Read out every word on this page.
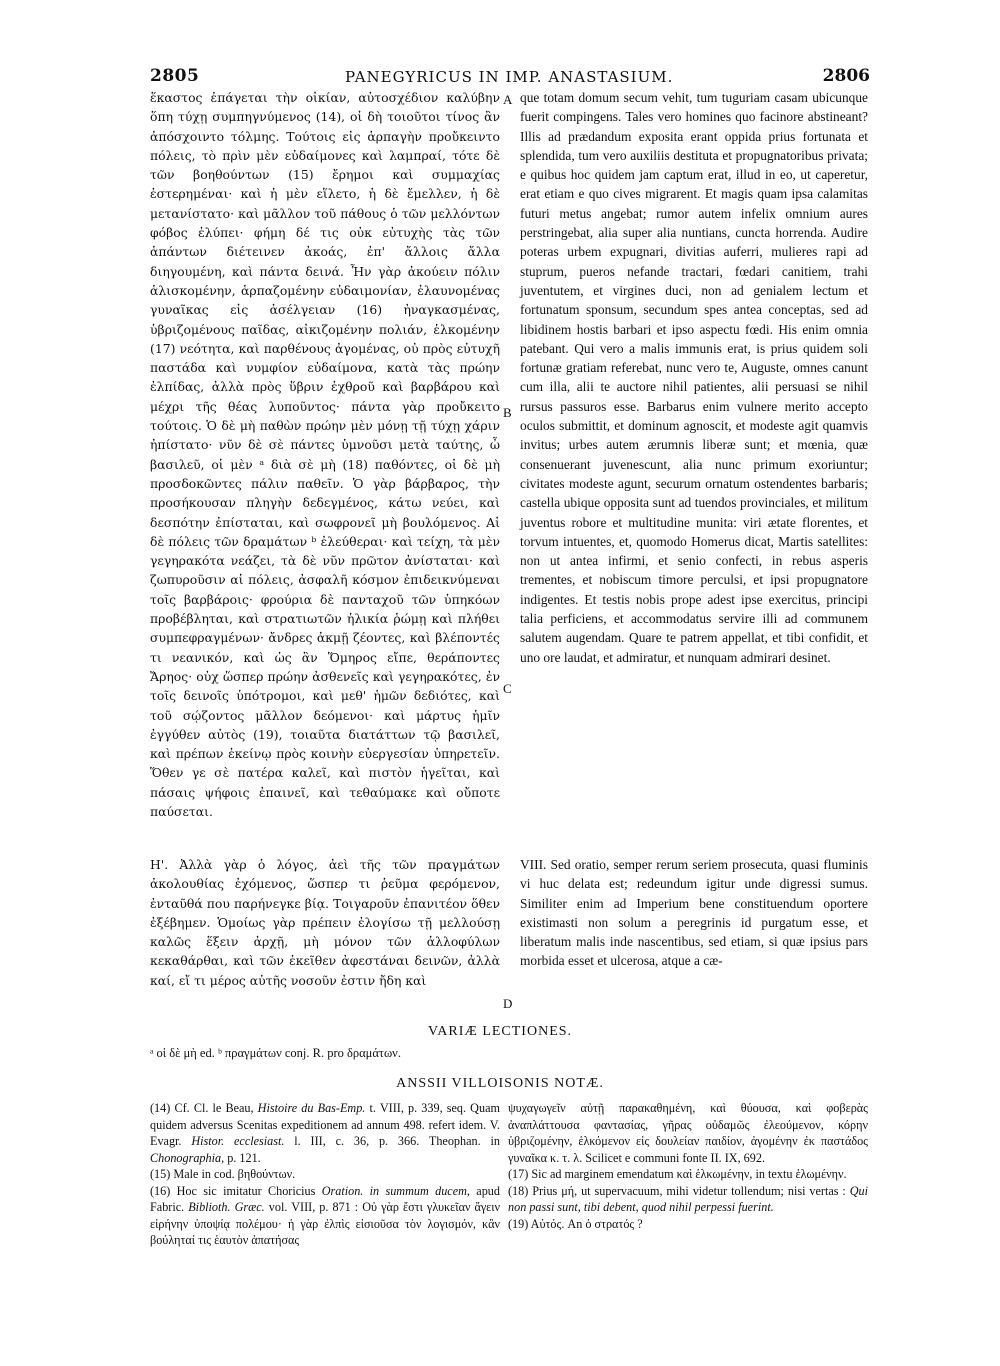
2805	PANEGYRICUS IN IMP. ANASTASIUM.	2806

ἕκαστος ἐπάγεται τὴν οἰκίαν, αὐτοσχέδιον καλύβην ὅπη τύχῃ συμπηγνύμενος (14), οἱ δὴ τοιοῦτοι τίνος ἂν ἀπόσχοιντο τόλμης. Τούτοις εἰς ἁρπαγὴν προὔκειντο πόλεις, τὸ πρὶν μὲν εὐδαίμονες καὶ λαμπραί, τότε δὲ τῶν βοηθούντων (15) ἔρημοι καὶ συμμαχίας ἐστερημέναι· καὶ ἡ μὲν εἵλετο, ἡ δὲ ἔμελλεν, ἡ δὲ μετανίστατο· καὶ μᾶλλον τοῦ πάθους ὁ τῶν μελλόντων φόβος ἐλύπει· φήμη δέ τις οὐκ εὐτυχὴς τὰς τῶν ἁπάντων διέτεινεν ἀκοάς, ἐπ' ἄλλοις ἄλλα διηγουμένη, καὶ πάντα δεινά. Ἦν γὰρ ἀκούειν πόλιν ἁλισκομένην, ἁρπαζομένην εὐδαιμονίαν, ἐλαυνομένας γυναῖκας εἰς ἀσέλγειαν (16) ἠναγκασμένας, ὑβριζομένους παῖδας, αἰκιζομένην πολιάν, ἑλκομένην (17) νεότητα, καὶ παρθένους ἀγομένας, οὐ πρὸς εὐτυχῆ παστάδα καὶ νυμφίον εὐδαίμονα, κατὰ τὰς πρώην ἐλπίδας, ἀλλὰ πρὸς ὕβριν ἐχθροῦ καὶ βαρβάρου καὶ μέχρι τῆς θέας λυποῦντος· πάντα γὰρ προὔκειτο τούτοις. Ὁ δὲ μὴ παθὼν πρώην μὲν μόνῃ τῇ τύχῃ χάριν ἠπίστατο· νῦν δὲ σὲ πάντες ὑμνοῦσι μετὰ ταύτης, ὦ βασιλεῦ, οἱ μὲν ᵃ διὰ σὲ μὴ (18) παθόντες, οἱ δὲ μὴ προσδοκῶντες πάλιν παθεῖν. Ὁ γὰρ βάρβαρος, τὴν προσήκουσαν πληγὴν δεδεγμένος, κάτω νεύει, καὶ δεσπότην ἐπίσταται, καὶ σωφρονεῖ μὴ βουλόμενος. Αἱ δὲ πόλεις τῶν δραμάτων ᵇ ἐλεύθεραι· καὶ τείχη, τὰ μὲν γεγηρακότα νεάζει, τὰ δὲ νῦν πρῶτον ἀνίσταται· καὶ ζωπυροῦσιν αἱ πόλεις, ἀσφαλῆ κόσμον ἐπιδεικνύμεναι τοῖς βαρβάροις· φρούρια δὲ πανταχοῦ τῶν ὑπηκόων προβέβληται, καὶ στρατιωτῶν ἡλικία ῥώμῃ καὶ πλήθει συμπεφραγμένων· ἄνδρες ἀκμῇ ζέοντες, καὶ βλέποντές τι νεανικόν, καὶ ὡς ἂν Ὅμηρος εἴπε, θεράποντες Ἄρηος· οὐχ ὥσπερ πρώην ἀσθενεῖς καὶ γεγηρακότες, ἐν τοῖς δεινοῖς ὑπότρομοι, καὶ μεθ' ἡμῶν δεδιότες, καὶ τοῦ σῴζοντος μᾶλλον δεόμενοι· καὶ μάρτυς ἡμῖν ἐγγύθεν αὐτὸς (19), τοιαῦτα διατάττων τῷ βασιλεῖ, καὶ πρέπων ἐκείνῳ πρὸς κοινὴν εὐεργεσίαν ὑπηρετεῖν. Ὅθεν γε σὲ πατέρα καλεῖ, καὶ πιστὸν ἡγεῖται, καὶ πάσαις ψήφοις ἐπαινεῖ, καὶ τεθαύμακε καὶ οὔποτε παύσεται.

que totam domum secum vehit, tum tuguriam casam ubicunque fuerit compingens. Tales vero homines quo facinore abstineant? Illis ad prædandum exposita erant oppida prius fortunata et splendida, tum vero auxiliis destituta et propugnatoribus privata; e quibus hoc quidem jam captum erat, illud in eo, ut caperetur, erat etiam e quo cives migrarent. Et magis quam ipsa calamitas futuri metus angebat; rumor autem infelix omnium aures perstringebat, alia super alia nuntians, cuncta horrenda. Audire poteras urbem expugnari, divitias auferri, mulieres rapi ad stuprum, pueros nefande tractari, fœdari canitiem, trahi juventutem, et virgines duci, non ad genialem lectum et fortunatum sponsum, secundum spes antea conceptas, sed ad libidinem hostis barbari et ipso aspectu fœdi. His enim omnia patebant. Qui vero a malis immunis erat, is prius quidem soli fortunæ gratiam referebat, nunc vero te, Auguste, omnes canunt cum illa, alii te auctore nihil patientes, alii persuasi se nihil rursus passuros esse. Barbarus enim vulnere merito accepto oculos submittit, et dominum agnoscit, et modeste agit quamvis invitus; urbes autem ærumnis liberæ sunt; et mœnia, quæ consenuerant juvenescunt, alia nunc primum exoriuntur; civitates modeste agunt, securum ornatum ostendentes barbaris; castella ubique opposita sunt ad tuendos provinciales, et militum juventus robore et multitudine munita: viri ætate florentes, et torvum intuentes, et, quomodo Homerus dicat, Martis satellites: non ut antea infirmi, et senio confecti, in rebus asperis trementes, et nobiscum timore perculsi, et ipsi propugnatore indigentes. Et testis nobis prope adest ipse exercitus, principi talia perficiens, et accommodatus servire illi ad communem salutem augendam. Quare te patrem appellat, et tibi confidit, et uno ore laudat, et admiratur, et nunquam admirari desinet.

A
B
C
D

Η'. Ἀλλὰ γὰρ ὁ λόγος, ἀεὶ τῆς τῶν πραγμάτων ἀκολουθίας ἐχόμενος, ὥσπερ τι ῥεῦμα φερόμενον, ἐνταῦθά που παρήνεγκε βίᾳ. Τοιγαροῦν ἐπανιτέον ὅθεν ἐξέβημεν. Ὁμοίως γὰρ πρέπειν ἐλογίσω τῇ μελλούσῃ καλῶς ἕξειν ἀρχῇ, μὴ μόνον τῶν ἀλλοφύλων κεκαθάρθαι, καὶ τῶν ἐκεῖθεν ἀφεστάναι δεινῶν, ἀλλὰ καί, εἴ τι μέρος αὐτῆς νοσοῦν ἐστιν ἤδη καὶ

VIII. Sed oratio, semper rerum seriem prosecuta, quasi fluminis vi huc delata est; redeundum igitur unde digressi sumus. Similiter enim ad Imperium bene constituendum oportere existimasti non solum a peregrinis id purgatum esse, et liberatum malis inde nascentibus, sed etiam, si quæ ipsius pars morbida esset et ulcerosa, atque a cæ-

VARIÆ LECTIONES.
ᵃ οἱ δὲ μὴ ed. ᵇ πραγμάτων conj. R. pro δραμάτων.
ANSSII VILLOISONIS NOTÆ.

(14) Cf. Cl. le Beau, Histoire du Bas-Emp. t. VIII, p. 339, seq. Quam quidem adversus Scenitas expeditionem ad annum 498. refert idem. V. Evagr. Histor. ecclesiast. l. III, c. 36, p. 366. Theophan. in Chonographia, p. 121.

(15) Male in cod. βηθούντων.

(16) Hoc sic imitatur Choricius Oration. in summum ducem, apud Fabric. Biblioth. Græc. vol. VIII, p. 871 : Οὐ γὰρ ἔστι γλυκεῖαν ἄγειν εἰρήνην ὑποψίᾳ πολέμου· ἡ γὰρ ἐλπὶς εἰσιοῦσα τὸν λογισμόν, κἂν βούληταί τις ἑαυτὸν ἀπατήσας

ψυχαγωγεῖν αὐτῇ παρακαθημένη, καὶ θύουσα, καὶ φοβερὰς ἀναπλάττουσα φαντασίας, γῆρας οὐδαμῶς ἐλεούμενον, κόρην ὑβριζομένην, ἑλκόμενον εἰς δουλείαν παιδίον, ἀγομένην ἐκ παστάδος γυναῖκα κ. τ. λ. Scilicet e communi fonte II. IX, 692.

(17) Sic ad marginem emendatum καὶ ἑλκωμένην, in textu ἑλωμένην.

(18) Prius μή, ut supervacuum, mihi videtur tollendum; nisi vertas : Qui non passi sunt, tibi debent, quod nihil perpessi fuerint.

(19) Αὐτός. An ὁ στρατός ?
